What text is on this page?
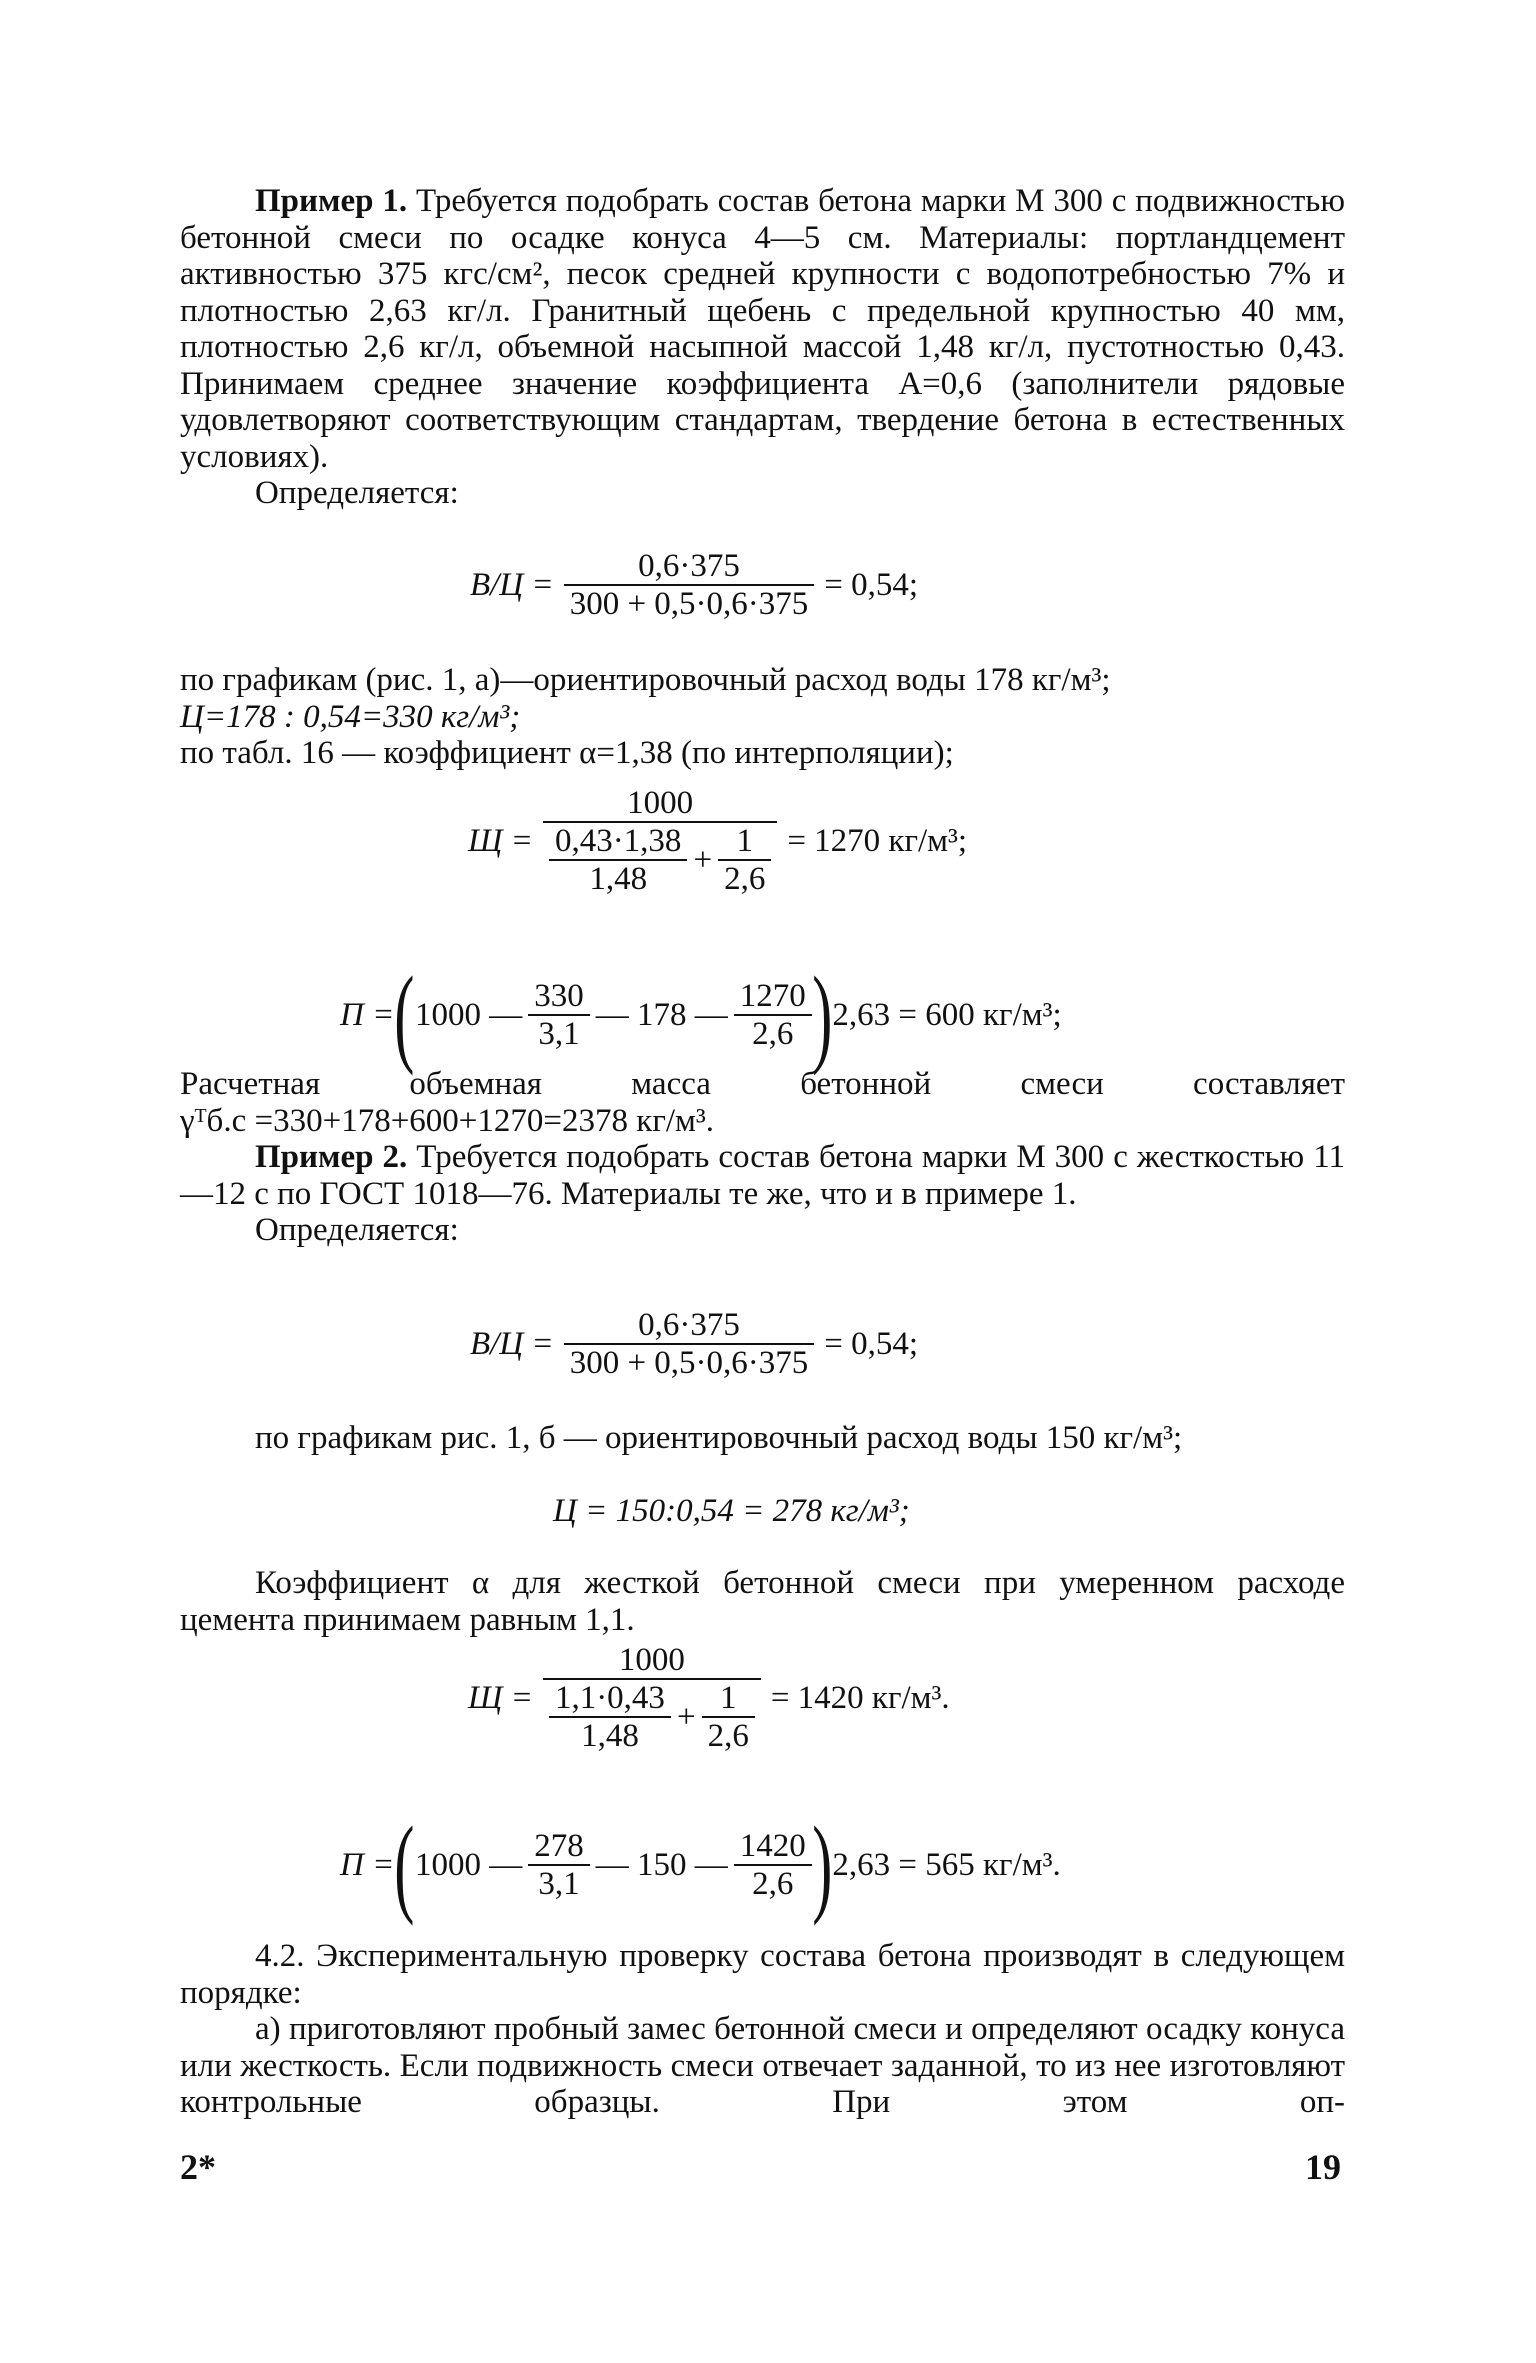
Пример 1. Требуется подобрать состав бетона марки М 300 с подвижностью бетонной смеси по осадке конуса 4—5 см. Материалы: портландцемент активностью 375 кгс/см², песок средней крупности с водопотребностью 7% и плотностью 2,63 кг/л. Гранитный щебень с предельной крупностью 40 мм, плотностью 2,6 кг/л, объемной насыпной массой 1,48 кг/л, пустотностью 0,43. Принимаем среднее значение коэффициента A=0,6 (заполнители рядовые удовлетворяют соответствующим стандартам, твердение бетона в естественных условиях).

Определяется:

$В/Ц = \frac{0,6\cdot 375}{300 + 0,5\cdot 0,6\cdot 375} = 0,54$;

по графикам (рис. 1, а)—ориентировочный расход воды 178 кг/м³;

Ц=178 : 0,54=330 кг/м³;

по табл. 16 — коэффициент α=1,38 (по интерполяции);

$Щ = \frac{1000}{\frac{0,43\cdot 1,38}{1,48} + \frac{1}{2,6}} = 1270$ кг/м³;
П = ( 1000 — $\frac{330}{3,1}$ — 178 — $\frac{1270}{2,6}$ ) 2,63 = 600 кг/м³;

Расчетная объемная масса бетонной смеси составляет

γᵀб.с =330+178+600+1270=2378 кг/м³.

Пример 2. Требуется подобрать состав бетона марки М 300 с жесткостью 11—12 с по ГОСТ 1018—76. Материалы те же, что и в примере 1.

Определяется:

$В/Ц = \frac{0,6\cdot 375}{300 + 0,5\cdot 0,6\cdot 375} = 0,54$;

по графикам рис. 1, б — ориентировочный расход воды 150 кг/м³;

Ц = 150:0,54 = 278 кг/м³;

Коэффициент α для жесткой бетонной смеси при умеренном расходе цемента принимаем равным 1,1.

$Щ = \frac{1000}{\frac{1,1\cdot 0,43}{1,48} + \frac{1}{2,6}} = 1420$ кг/м³.
П = ( 1000 — $\frac{278}{3,1}$ — 150 — $\frac{1420}{2,6}$ ) 2,63 = 565 кг/м³.

4.2. Экспериментальную проверку состава бетона производят в следующем порядке:

а) приготовляют пробный замес бетонной смеси и определяют осадку конуса или жесткость. Если подвижность смеси отвечает заданной, то из нее изготовляют контрольные образцы. При этом оп-

2*	19
